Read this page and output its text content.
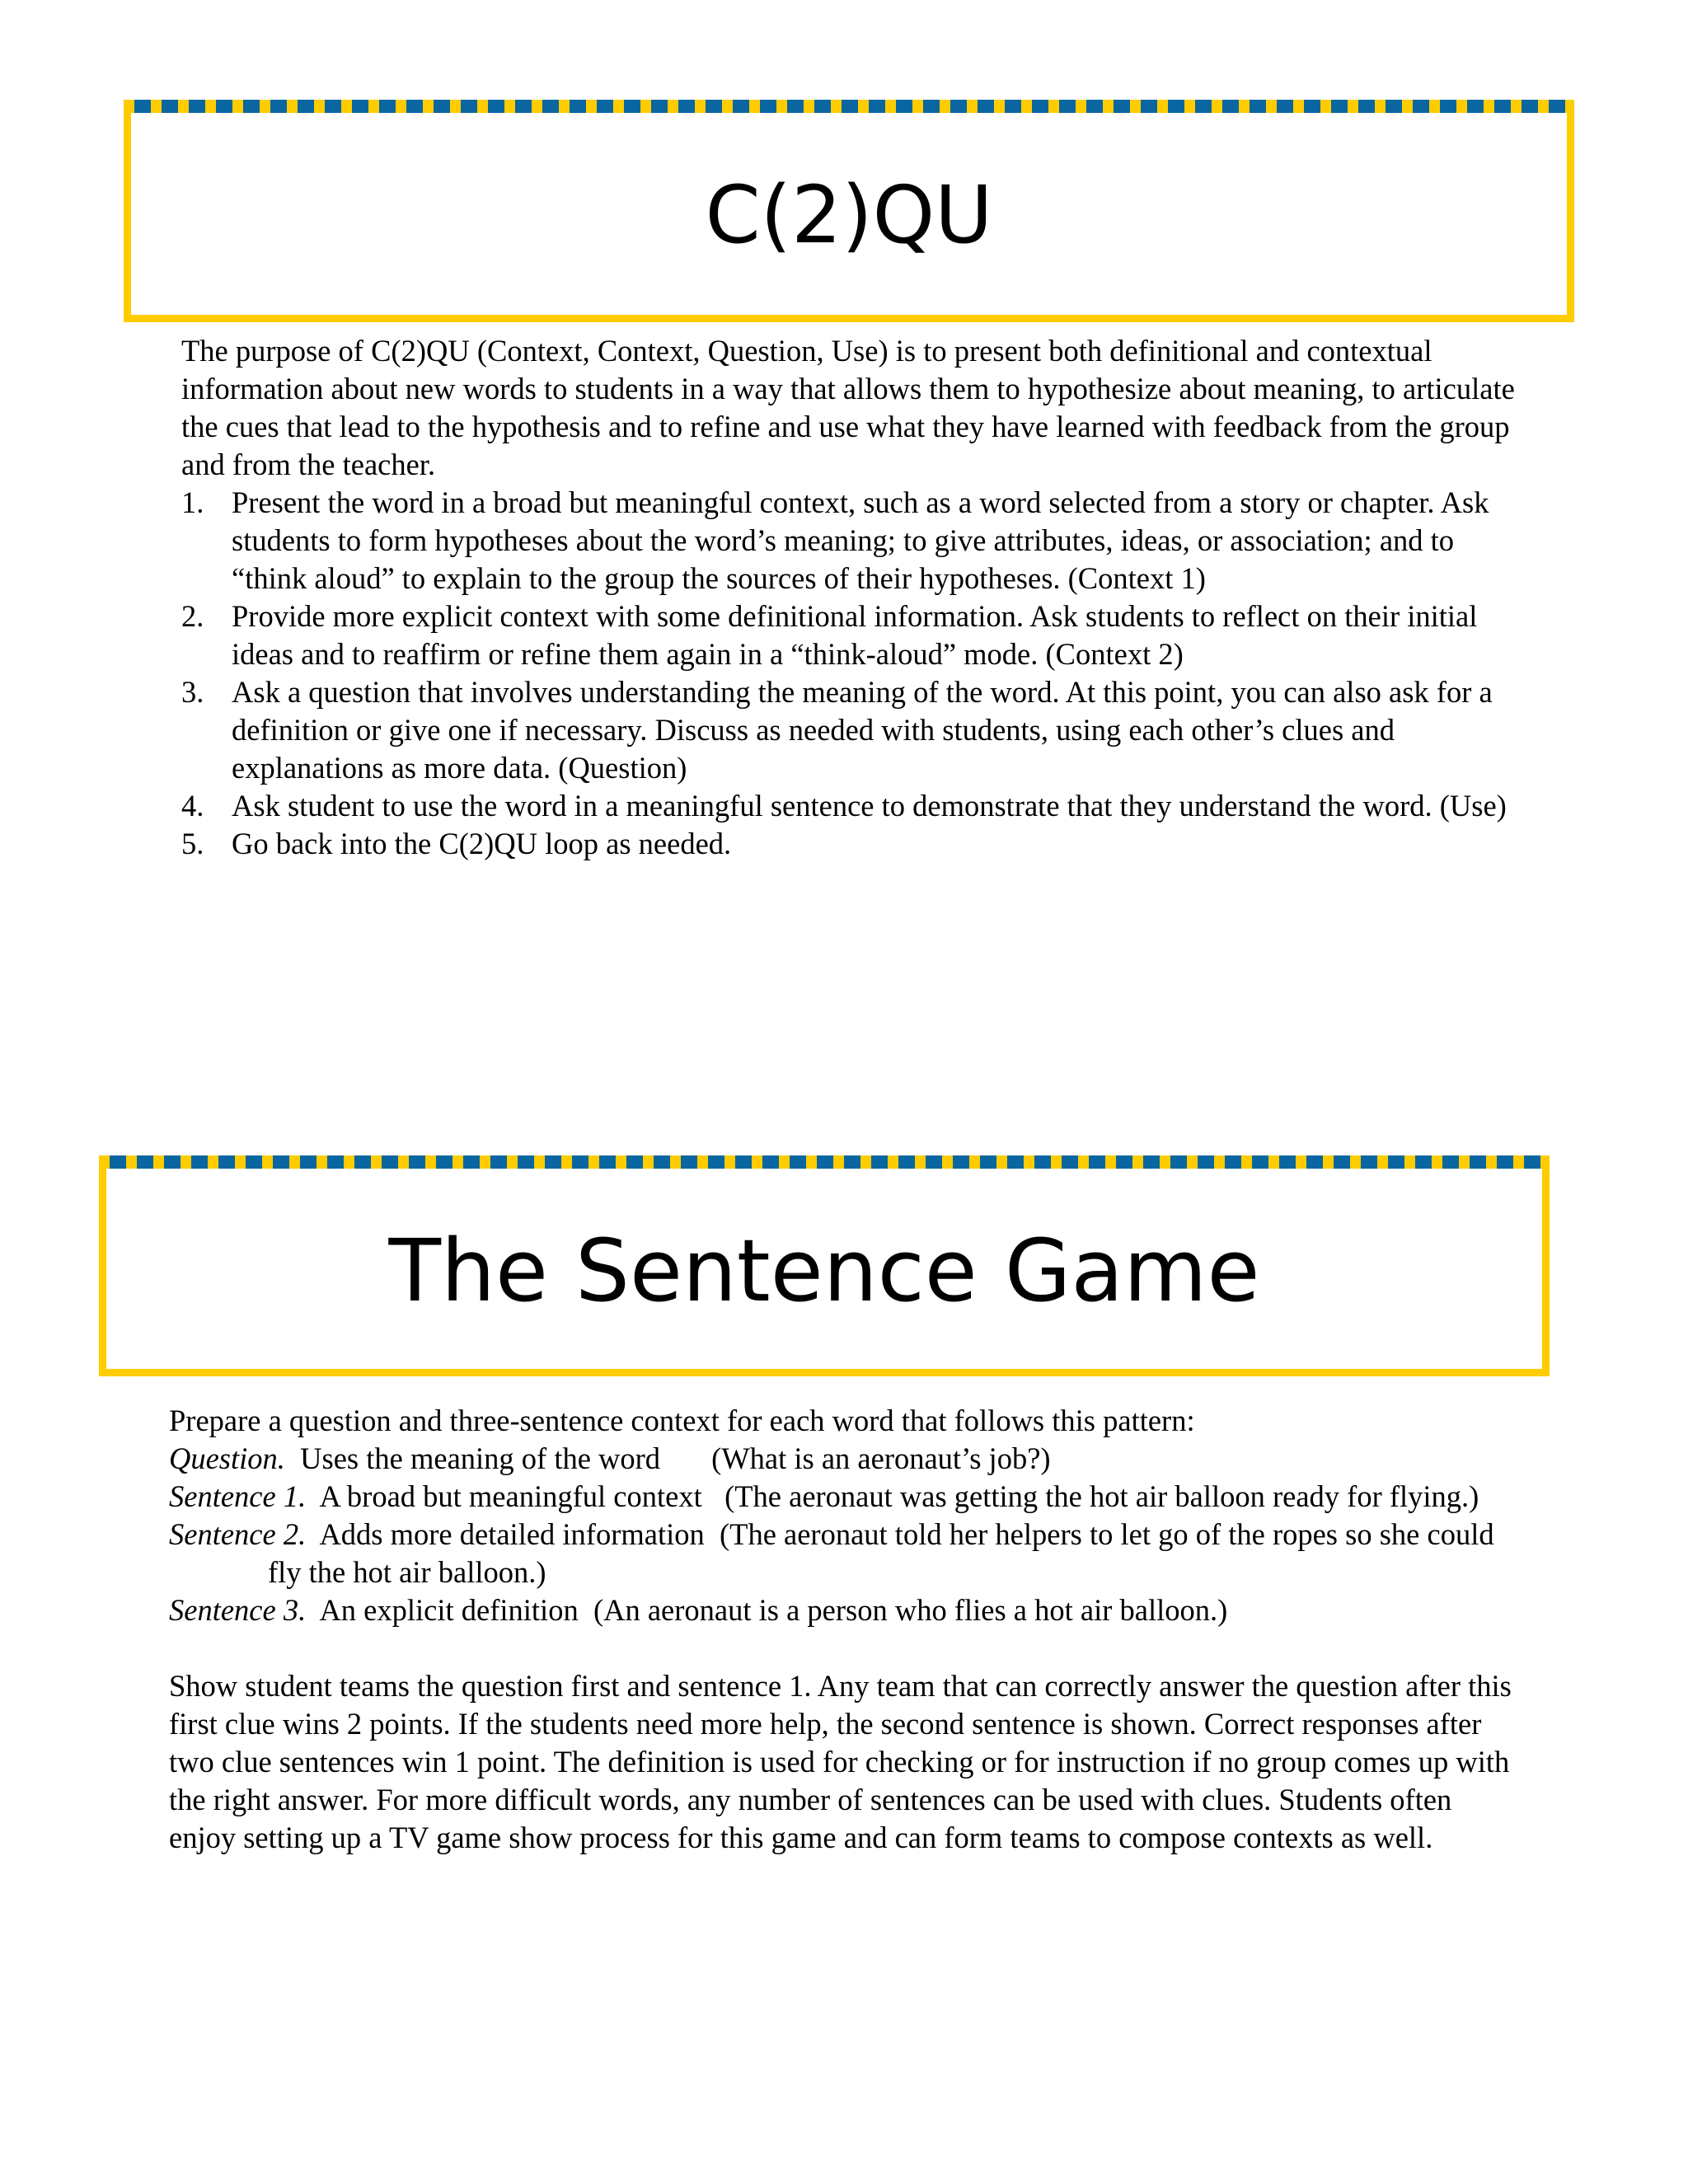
C(2)QU

The purpose of C(2)QU (Context, Context, Question, Use) is to present both definitional and contextual information about new words to students in a way that allows them to hypothesize about meaning, to articulate the cues that lead to the hypothesis and to refine and use what they have learned with feedback from the group and from the teacher.

1. Present the word in a broad but meaningful context, such as a word selected from a story or chapter. Ask students to form hypotheses about the word’s meaning; to give attributes, ideas, or association; and to “think aloud” to explain to the group the sources of their hypotheses. (Context 1)
2. Provide more explicit context with some definitional information. Ask students to reflect on their initial ideas and to reaffirm or refine them again in a “think-aloud” mode. (Context 2)
3. Ask a question that involves understanding the meaning of the word. At this point, you can also ask for a definition or give one if necessary. Discuss as needed with students, using each other’s clues and explanations as more data. (Question)
4. Ask student to use the word in a meaningful sentence to demonstrate that they understand the word. (Use)
5. Go back into the C(2)QU loop as needed.
The Sentence Game

Prepare a question and three-sentence context for each word that follows this pattern:

Question. Uses the meaning of the word (What is an aeronaut’s job?)

Sentence 1. A broad but meaningful context (The aeronaut was getting the hot air balloon ready for flying.)

Sentence 2. Adds more detailed information (The aeronaut told her helpers to let go of the ropes so she could fly the hot air balloon.)

Sentence 3. An explicit definition (An aeronaut is a person who flies a hot air balloon.)

Show student teams the question first and sentence 1. Any team that can correctly answer the question after this first clue wins 2 points. If the students need more help, the second sentence is shown. Correct responses after two clue sentences win 1 point. The definition is used for checking or for instruction if no group comes up with the right answer. For more difficult words, any number of sentences can be used with clues. Students often enjoy setting up a TV game show process for this game and can form teams to compose contexts as well.
